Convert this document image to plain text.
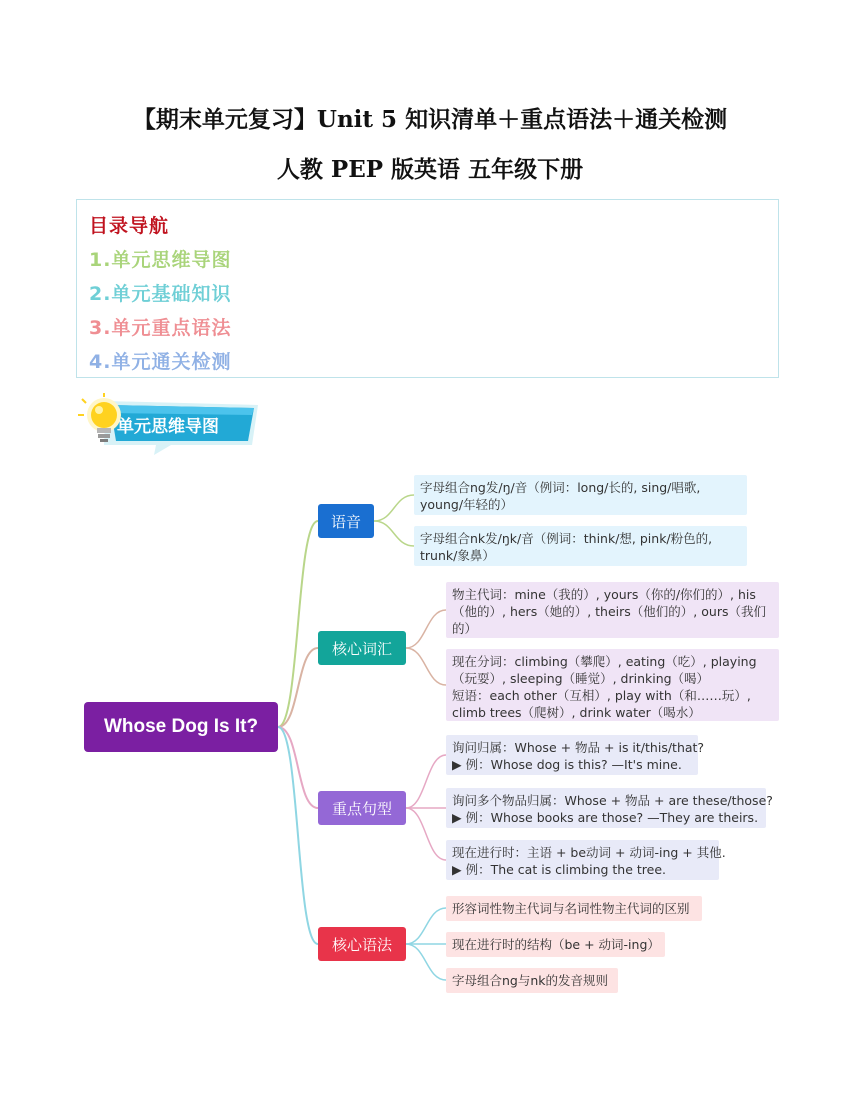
【期末单元复习】Unit 5 知识清单＋重点语法＋通关检测
人教 PEP 版英语 五年级下册
目录导航
1.单元思维导图
2.单元基础知识
3.单元重点语法
4.单元通关检测
单元思维导图
Whose Dog Is It?
语音
核心词汇
重点句型
核心语法
字母组合ng发/ŋ/音（例词：long/长的, sing/唱歌,
young/年轻的）
字母组合nk发/ŋk/音（例词：think/想, pink/粉色的,
trunk/象鼻）
物主代词：mine（我的）, yours（你的/你们的）, his
（他的）, hers（她的）, theirs（他们的）, ours（我们
的）
现在分词：climbing（攀爬）, eating（吃）, playing
（玩耍）, sleeping（睡觉）, drinking（喝）
短语：each other（互相）, play with（和……玩）,
climb trees（爬树）, drink water（喝水）
询问归属：Whose + 物品 + is it/this/that?
▶ 例：Whose dog is this? —It's mine.
询问多个物品归属：Whose + 物品 + are these/those?
▶ 例：Whose books are those? —They are theirs.
现在进行时：主语 + be动词 + 动词-ing + 其他.
▶ 例：The cat is climbing the tree.
形容词性物主代词与名词性物主代词的区别
现在进行时的结构（be + 动词-ing）
字母组合ng与nk的发音规则
